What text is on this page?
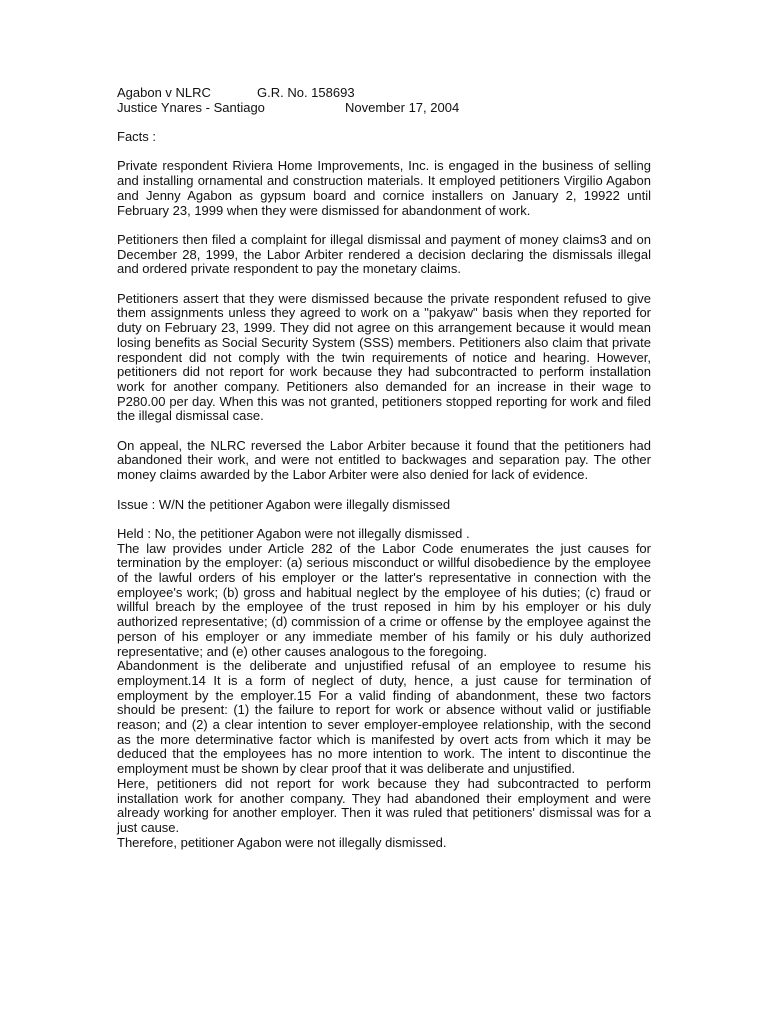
Agabon v NLRC	G.R. No. 158693
Justice Ynares - Santiago	November 17, 2004
Facts :
Private respondent Riviera Home Improvements, Inc. is engaged in the business of selling and installing ornamental and construction materials. It employed petitioners Virgilio Agabon and Jenny Agabon as gypsum board and cornice installers on January 2, 19922 until February 23, 1999 when they were dismissed for abandonment of work.
Petitioners then filed a complaint for illegal dismissal and payment of money claims3 and on December 28, 1999, the Labor Arbiter rendered a decision declaring the dismissals illegal and ordered private respondent to pay the monetary claims.
Petitioners assert that they were dismissed because the private respondent refused to give them assignments unless they agreed to work on a "pakyaw" basis when they reported for duty on February 23, 1999. They did not agree on this arrangement because it would mean losing benefits as Social Security System (SSS) members. Petitioners also claim that private respondent did not comply with the twin requirements of notice and hearing. However, petitioners did not report for work because they had subcontracted to perform installation work for another company. Petitioners also demanded for an increase in their wage to P280.00 per day. When this was not granted, petitioners stopped reporting for work and filed the illegal dismissal case.
On appeal, the NLRC reversed the Labor Arbiter because it found that the petitioners had abandoned their work, and were not entitled to backwages and separation pay. The other money claims awarded by the Labor Arbiter were also denied for lack of evidence.
Issue : W/N the petitioner Agabon were illegally dismissed
Held : No, the petitioner Agabon were not illegally dismissed .

The law provides under Article 282 of the Labor Code enumerates the just causes for termination by the employer: (a) serious misconduct or willful disobedience by the employee of the lawful orders of his employer or the latter's representative in connection with the employee's work; (b) gross and habitual neglect by the employee of his duties; (c) fraud or willful breach by the employee of the trust reposed in him by his employer or his duly authorized representative; (d) commission of a crime or offense by the employee against the person of his employer or any immediate member of his family or his duly authorized representative; and (e) other causes analogous to the foregoing.

Abandonment is the deliberate and unjustified refusal of an employee to resume his employment.14 It is a form of neglect of duty, hence, a just cause for termination of employment by the employer.15 For a valid finding of abandonment, these two factors should be present: (1) the failure to report for work or absence without valid or justifiable reason; and (2) a clear intention to sever employer-employee relationship, with the second as the more determinative factor which is manifested by overt acts from which it may be deduced that the employees has no more intention to work. The intent to discontinue the employment must be shown by clear proof that it was deliberate and unjustified.

Here, petitioners did not report for work because they had subcontracted to perform installation work for another company. They had abandoned their employment and were already working for another employer. Then it was ruled that petitioners' dismissal was for a just cause.

Therefore, petitioner Agabon were not illegally dismissed.
